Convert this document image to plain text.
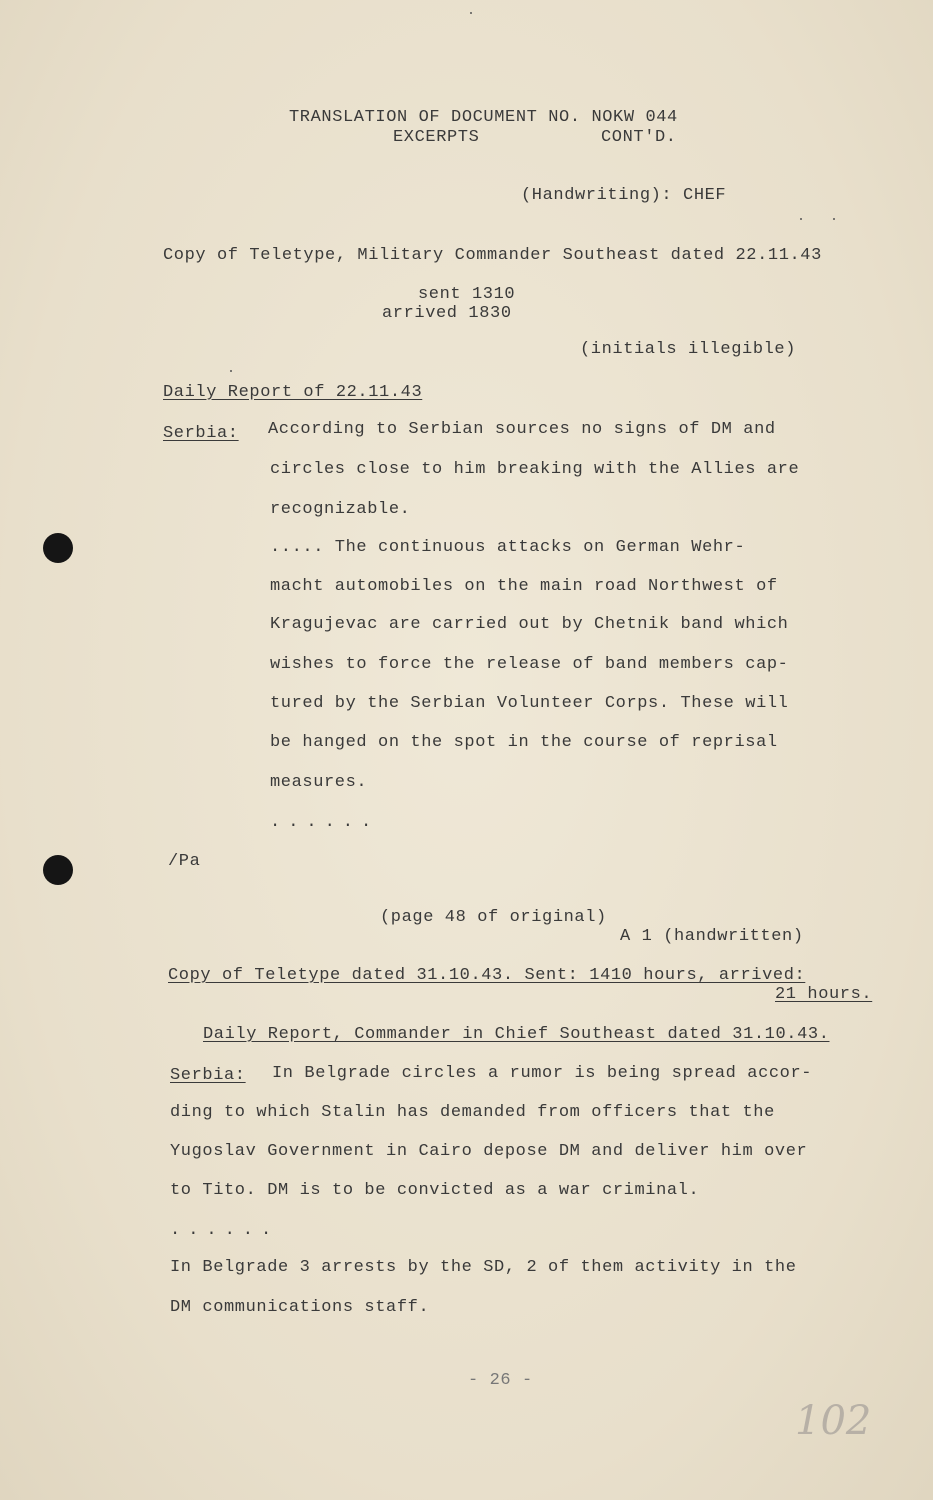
TRANSLATION OF DOCUMENT NO. NOKW 044
EXCERPTS	CONT'D.
(Handwriting): CHEF
Copy of Teletype, Military Commander Southeast dated 22.11.43
sent 1310
arrived 1830
(initials illegible)
Daily Report of 22.11.43
Serbia: According to Serbian sources no signs of DM and
circles close to him breaking with the Allies are
recognizable.
..... The continuous attacks on German Wehr-
macht automobiles on the main road Northwest of
Kragujevac are carried out by Chetnik band which
wishes to force the release of band members cap-
tured by the Serbian Volunteer Corps. These will
be hanged on the spot in the course of reprisal
measures.
......
/Pa
(page 48 of original)
A 1 (handwritten)
Copy of Teletype dated 31.10.43. Sent: 1410 hours, arrived:
21 hours.
Daily Report, Commander in Chief Southeast dated 31.10.43.
Serbia: In Belgrade circles a rumor is being spread accor-
ding to which Stalin has demanded from officers that the
Yugoslav Government in Cairo depose DM and deliver him over
to Tito. DM is to be convicted as a war criminal.
......
In Belgrade 3 arrests by the SD, 2 of them activity in the
DM communications staff.
- 26 -
102
